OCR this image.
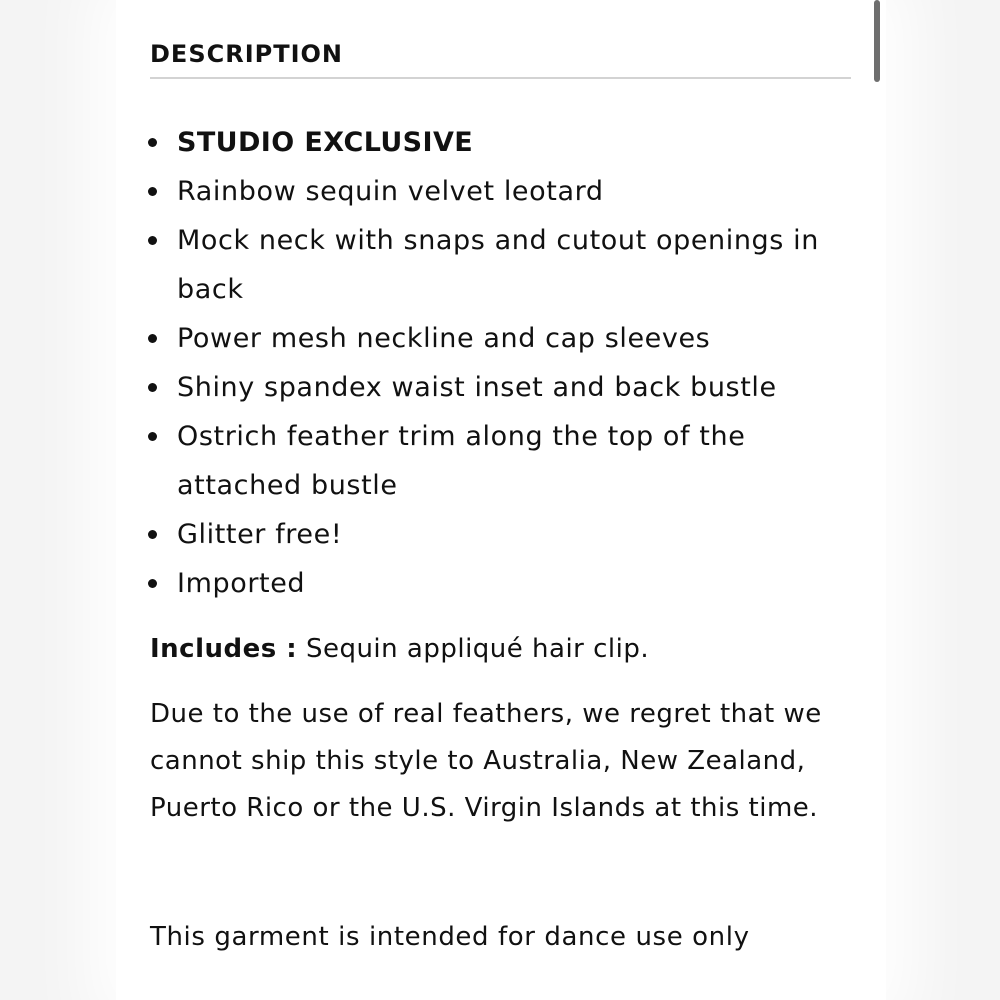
DESCRIPTION
STUDIO EXCLUSIVE
Rainbow sequin velvet leotard
Mock neck with snaps and cutout openings in back
Power mesh neckline and cap sleeves
Shiny spandex waist inset and back bustle
Ostrich feather trim along the top of the attached bustle
Glitter free!
Imported

Includes : Sequin appliqué hair clip.

Due to the use of real feathers, we regret that we cannot ship this style to Australia, New Zealand, Puerto Rico or the U.S. Virgin Islands at this time.

This garment is intended for dance use only
